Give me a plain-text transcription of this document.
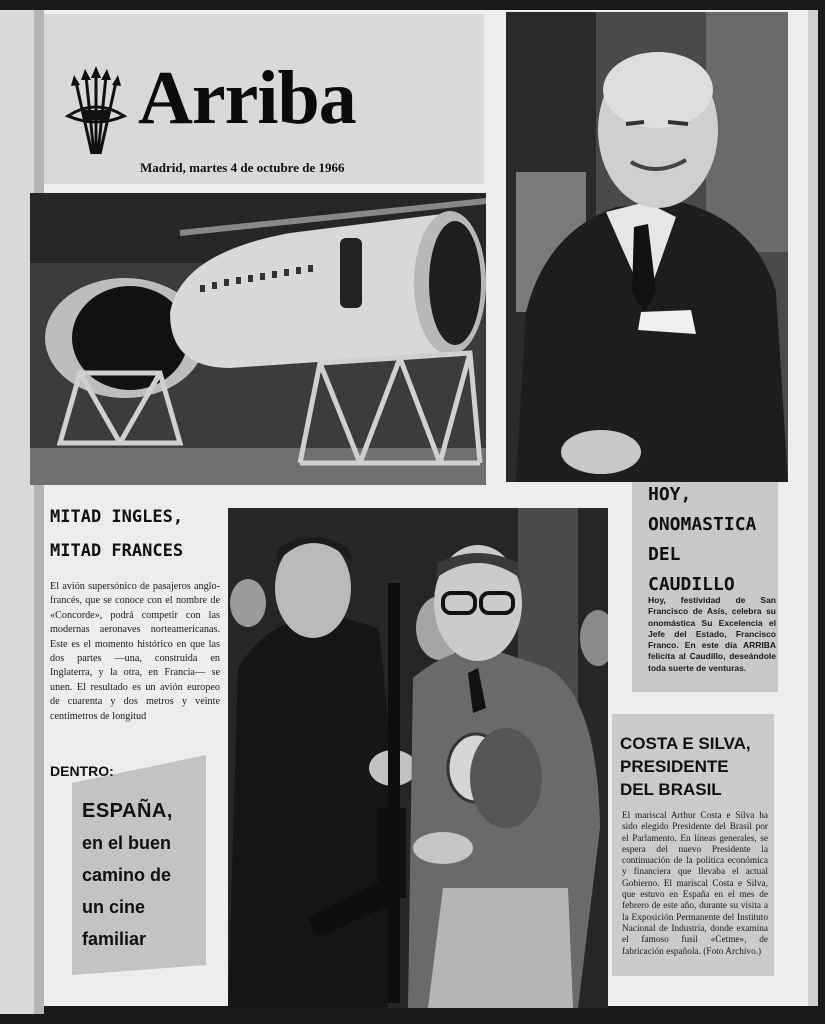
Arriba
Madrid, martes 4 de octubre de 1966
MITAD INGLES,
MITAD FRANCES
El avión supersónico de pasajeros anglo-francés, que se conoce con el nombre de «Concorde», podrá competir con las modernas aeronaves norteamericanas. Este es el momento histórico en que las dos partes —una, construida en Inglaterra, y la otra, en Francia— se unen. El resultado es un avión europeo de cuarenta y dos metros y veinte centímetros de longitud
DENTRO:
ESPAÑA,
en el buen
camino de
un cine
familiar
HOY,
ONOMASTICA
DEL CAUDILLO
Hoy, festividad de San Francisco de Asís, celebra su onomástica Su Excelencia el Jefe del Estado, Francisco Franco. En este día ARRIBA felicita al Caudillo, deseándole toda suerte de venturas.
COSTA E SILVA,
PRESIDENTE
DEL BRASIL
El mariscal Arthur Costa e Silva ha sido elegido Presidente del Brasil por el Parlamento. En líneas generales, se espera del nuevo Presidente la continuación de la política económica y financiera que llevaba el actual Gobierno. El mariscal Costa e Silva, que estuvo en España en el mes de febrero de este año, durante su visita a la Exposición Permanente del Instituto Nacional de Industria, donde examina el famoso fusil «Cetme», de fabricación española. (Foto Archivo.)
